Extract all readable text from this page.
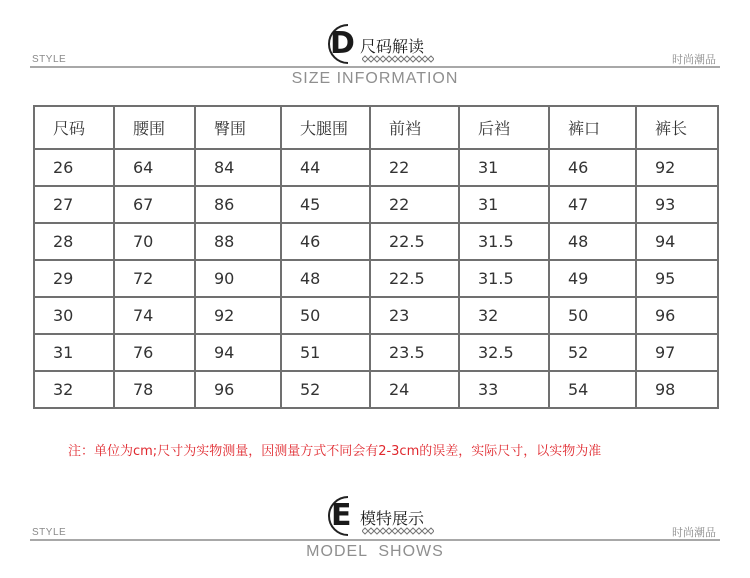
STYLE	时尚潮品
D 尺码解读
SIZE INFORMATION
尺码	腰围	臀围	大腿围	前裆	后裆	裤口	裤长
26	64	84	44	22	31	46	92
27	67	86	45	22	31	47	93
28	70	88	46	22.5	31.5	48	94
29	72	90	48	22.5	31.5	49	95
30	74	92	50	23	32	50	96
31	76	94	51	23.5	32.5	52	97
32	78	96	52	24	33	54	98
注：单位为cm;尺寸为实物测量，因测量方式不同会有2-3cm的误差，实际尺寸，以实物为准
STYLE	时尚潮品
E 模特展示
MODEL  SHOWS
